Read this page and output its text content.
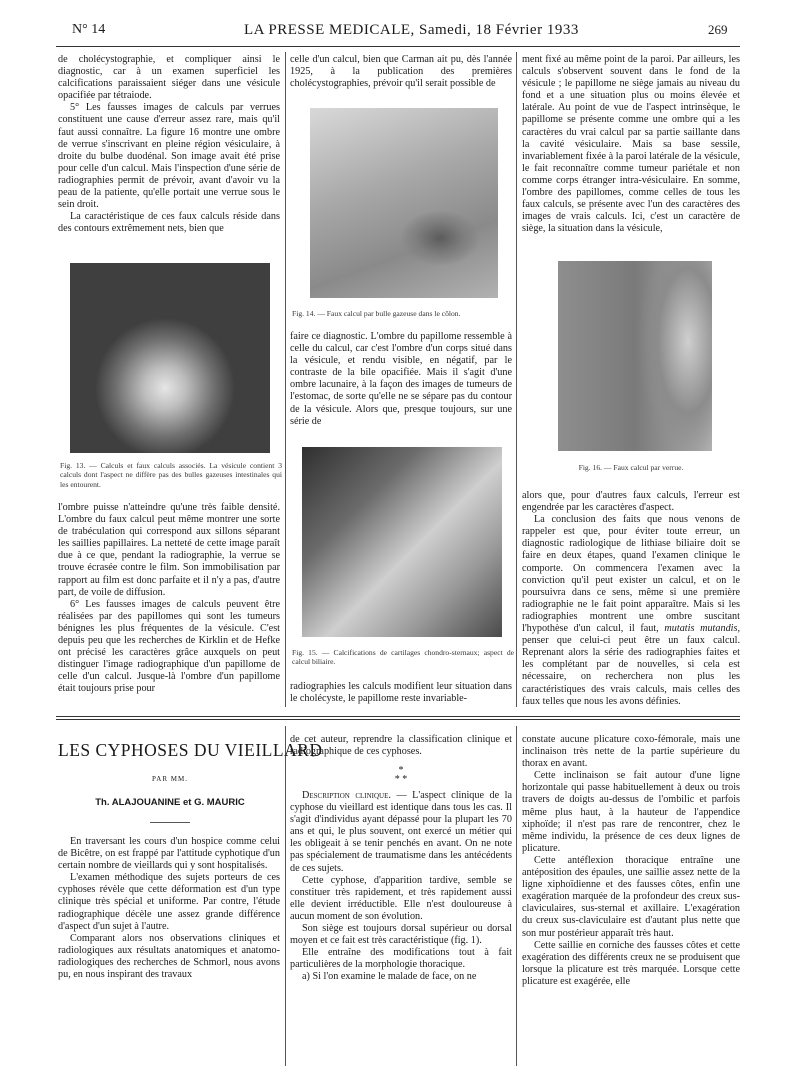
N° 14	LA PRESSE MEDICALE, Samedi, 18 Février 1933	269

de cholécystographie, et compliquer ainsi le diagnostic, car à un examen superficiel les calcifications paraissaient siéger dans une vésicule opacifiée par tétraiode.

5° Les fausses images de calculs par verrues constituent une cause d'erreur assez rare, mais qu'il faut aussi connaître. La figure 16 montre une ombre de verrue s'inscrivant en pleine région vésiculaire, à droite du bulbe duodénal. Son image avait été prise pour celle d'un calcul. Mais l'inspection d'une série de radiographies permit de prévoir, avant d'avoir vu la peau de la patiente, qu'elle portait une verrue sous le sein droit.

La caractéristique de ces faux calculs réside dans des contours extrêmement nets, bien que

Fig. 13. — Calculs et faux calculs associés. La vésicule contient 3 calculs dont l'aspect ne diffère pas des bulles gazeuses intestinales qui les entourent.

l'ombre puisse n'atteindre qu'une très faible densité. L'ombre du faux calcul peut même montrer une sorte de trabéculation qui correspond aux sillons séparant les saillies papillaires. La netteté de cette image paraît due à ce que, pendant la radiographie, la verrue se trouve écrasée contre le film. Son immobilisation par rapport au film est donc parfaite et il n'y a pas, d'autre part, de voile de diffusion.

6° Les fausses images de calculs peuvent être réalisées par des papillomes qui sont les tumeurs bénignes les plus fréquentes de la vésicule. C'est depuis peu que les recherches de Kirklin et de Hefke ont précisé les caractères grâce auxquels on peut distinguer l'image radiographique d'un papillome de celle d'un calcul. Jusque-là l'ombre d'un papillome était toujours prise pour

celle d'un calcul, bien que Carman ait pu, dès l'année 1925, à la publication des premières cholécystographies, prévoir qu'il serait possible de

Fig. 14. — Faux calcul par bulle gazeuse dans le côlon.

faire ce diagnostic. L'ombre du papillome ressemble à celle du calcul, car c'est l'ombre d'un corps situé dans la vésicule, et rendu visible, en négatif, par le contraste de la bile opacifiée. Mais il s'agit d'une ombre lacunaire, à la façon des images de tumeurs de l'estomac, de sorte qu'elle ne se sépare pas du contour de la vésicule. Alors que, presque toujours, sur une série de

Fig. 15. — Calcifications de cartilages chondro-sternaux; aspect de calcul biliaire.

radiographies les calculs modifient leur situation dans le cholécyste, le papillome reste invariable-

ment fixé au même point de la paroi. Par ailleurs, les calculs s'observent souvent dans le fond de la vésicule ; le papillome ne siège jamais au niveau du fond et a une situation plus ou moins élevée et latérale. Au point de vue de l'aspect intrinsèque, le papillome se présente comme une ombre qui a les caractères du vrai calcul par sa partie saillante dans la cavité vésiculaire. Mais sa base sessile, invariablement fixée à la paroi latérale de la vésicule, le fait reconnaître comme tumeur pariétale et non comme corps étranger intra-vésiculaire. En somme, l'ombre des papillomes, comme celles de tous les faux calculs, se présente avec l'un des caractères des images de vrais calculs. Ici, c'est un caractère de siège, la situation dans la vésicule,

Fig. 16. — Faux calcul par verrue.

alors que, pour d'autres faux calculs, l'erreur est engendrée par les caractères d'aspect.

La conclusion des faits que nous venons de rappeler est que, pour éviter toute erreur, un diagnostic radiologique de lithiase biliaire doit se faire en deux étapes, quand l'examen clinique le comporte. On commencera l'examen avec la conviction qu'il peut exister un calcul, et on le poursuivra dans ce sens, même si une première radiographie ne le fait point apparaître. Mais si les radiographies montrent une ombre suscitant l'hypothèse d'un calcul, il faut, mutatis mutandis, penser que celui-ci peut être un faux calcul. Reprenant alors la série des radiographies faites et les complétant par de nouvelles, si cela est nécessaire, on recherchera non plus les caractéristiques des vrais calculs, mais celles des faux telles que nous les avons définies.

LES CYPHOSES DU VIEILLARD
PAR MM.
Th. ALAJOUANINE et G. MAURIC

En traversant les cours d'un hospice comme celui de Bicêtre, on est frappé par l'attitude cyphotique d'un certain nombre de vieillards qui y sont hospitalisés.

L'examen méthodique des sujets porteurs de ces cyphoses révèle que cette déformation est d'un type clinique très spécial et uniforme. Par contre, l'étude radiographique décèle une assez grande différence d'aspect d'un sujet à l'autre.

Comparant alors nos observations cliniques et radiologiques aux résultats anatomiques et anatomo-radiologiques des recherches de Schmorl, nous avons pu, en nous inspirant des travaux

de cet auteur, reprendre la classification clinique et radiographique de ces cyphoses.

*
* *

Description clinique. — L'aspect clinique de la cyphose du vieillard est identique dans tous les cas. Il s'agit d'individus ayant dépassé pour la plupart les 70 ans et qui, le plus souvent, ont exercé un métier qui les obligeait à se tenir penchés en avant. On ne note pas spécialement de traumatisme dans les antécédents de ces sujets.

Cette cyphose, d'apparition tardive, semble se constituer très rapidement, et très rapidement aussi elle devient irréductible. Elle n'est douloureuse à aucun moment de son évolution.

Son siège est toujours dorsal supérieur ou dorsal moyen et ce fait est très caractéristique (fig. 1).

Elle entraîne des modifications tout à fait particulières de la morphologie thoracique.

a) Si l'on examine le malade de face, on ne

constate aucune plicature coxo-fémorale, mais une inclinaison très nette de la partie supérieure du thorax en avant.

Cette inclinaison se fait autour d'une ligne horizontale qui passe habituellement à deux ou trois travers de doigts au-dessus de l'ombilic et parfois même plus haut, à la hauteur de l'appendice xiphoïde; il n'est pas rare de rencontrer, chez le même individu, la présence de ces deux lignes de plicature.

Cette antéflexion thoracique entraîne une antéposition des épaules, une saillie assez nette de la ligne xiphoïdienne et des fausses côtes, enfin une exagération marquée de la profondeur des creux sus-claviculaires, sus-sternal et axillaire. L'exagération du creux sus-claviculaire est d'autant plus nette que son mur postérieur apparaît très haut.

Cette saillie en corniche des fausses côtes et cette exagération des différents creux ne se produisent que lorsque la plicature est très marquée. Lorsque cette plicature est exagérée, elle
